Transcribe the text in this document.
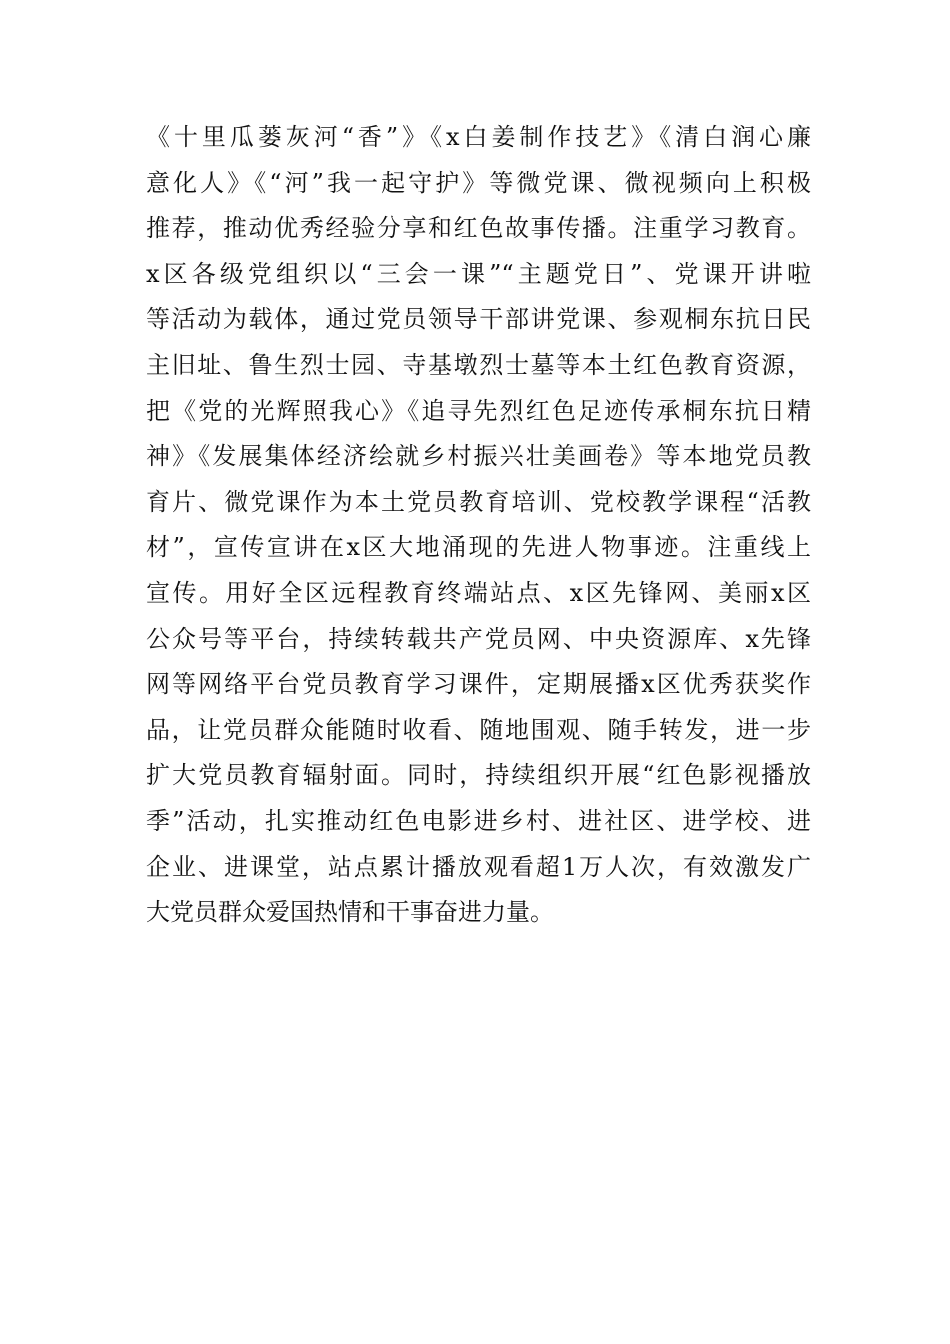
《十里瓜蒌灰河“香”》《x白姜制作技艺》《清白润心廉
意化人》《“河”我一起守护》等微党课、微视频向上积极
推荐，推动优秀经验分享和红色故事传播。注重学习教育。
x区各级党组织以“三会一课”“主题党日”、党课开讲啦
等活动为载体，通过党员领导干部讲党课、参观桐东抗日民
主旧址、鲁生烈士园、寺基墩烈士墓等本土红色教育资源，
把《党的光辉照我心》《追寻先烈红色足迹传承桐东抗日精
神》《发展集体经济绘就乡村振兴壮美画卷》等本地党员教
育片、微党课作为本土党员教育培训、党校教学课程“活教
材”，宣传宣讲在x区大地涌现的先进人物事迹。注重线上
宣传。用好全区远程教育终端站点、x区先锋网、美丽x区
公众号等平台，持续转载共产党员网、中央资源库、x先锋
网等网络平台党员教育学习课件，定期展播x区优秀获奖作
品，让党员群众能随时收看、随地围观、随手转发，进一步
扩大党员教育辐射面。同时，持续组织开展“红色影视播放
季”活动，扎实推动红色电影进乡村、进社区、进学校、进
企业、进课堂，站点累计播放观看超1万人次，有效激发广
大党员群众爱国热情和干事奋进力量。
